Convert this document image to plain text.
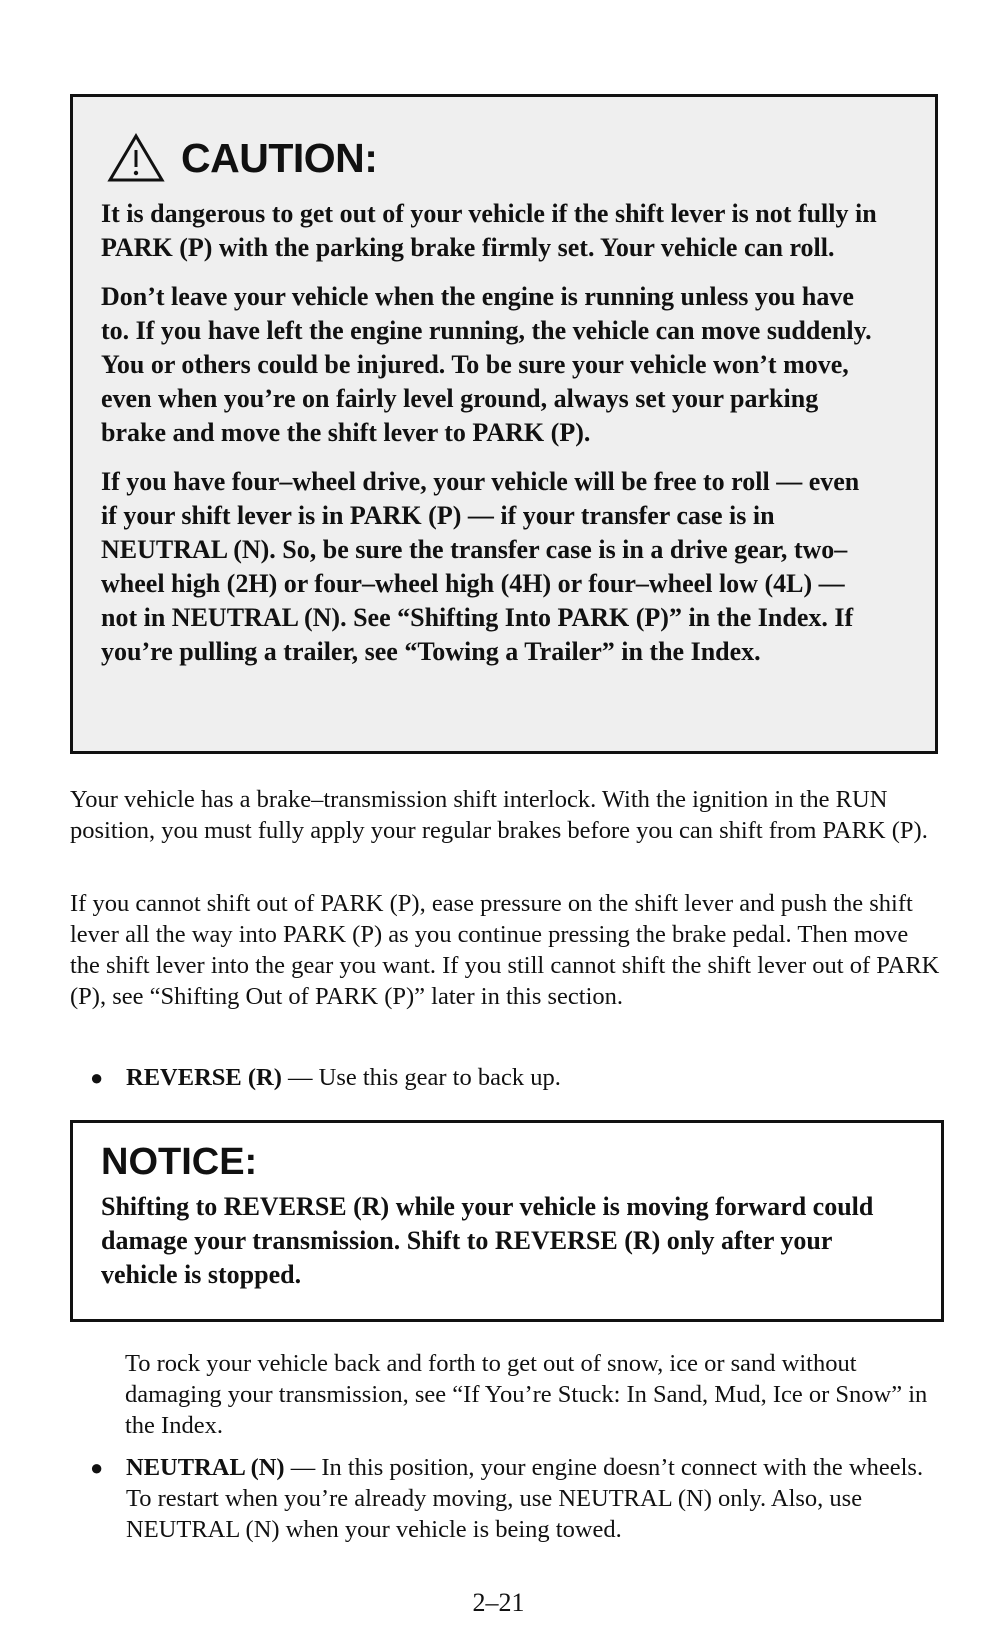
CAUTION:

It is dangerous to get out of your vehicle if the shift lever is not fully in PARK (P) with the parking brake firmly set. Your vehicle can roll.

Don’t leave your vehicle when the engine is running unless you have to. If you have left the engine running, the vehicle can move suddenly. You or others could be injured. To be sure your vehicle won’t move, even when you’re on fairly level ground, always set your parking brake and move the shift lever to PARK (P).

If you have four–wheel drive, your vehicle will be free to roll — even if your shift lever is in PARK (P) — if your transfer case is in NEUTRAL (N). So, be sure the transfer case is in a drive gear, two–wheel high (2H) or four–wheel high (4H) or four–wheel low (4L) — not in NEUTRAL (N). See “Shifting Into PARK (P)” in the Index. If you’re pulling a trailer, see “Towing a Trailer” in the Index.

Your vehicle has a brake–transmission shift interlock. With the ignition in the RUN position, you must fully apply your regular brakes before you can shift from PARK (P).

If you cannot shift out of PARK (P), ease pressure on the shift lever and push the shift lever all the way into PARK (P) as you continue pressing the brake pedal. Then move the shift lever into the gear you want. If you still cannot shift the shift lever out of PARK (P), see “Shifting Out of PARK (P)” later in this section.

● REVERSE (R) — Use this gear to back up.
NOTICE:

Shifting to REVERSE (R) while your vehicle is moving forward could damage your transmission. Shift to REVERSE (R) only after your vehicle is stopped.

To rock your vehicle back and forth to get out of snow, ice or sand without damaging your transmission, see “If You’re Stuck: In Sand, Mud, Ice or Snow” in the Index.

● NEUTRAL (N) — In this position, your engine doesn’t connect with the wheels. To restart when you’re already moving, use NEUTRAL (N) only. Also, use NEUTRAL (N) when your vehicle is being towed.
2–21
